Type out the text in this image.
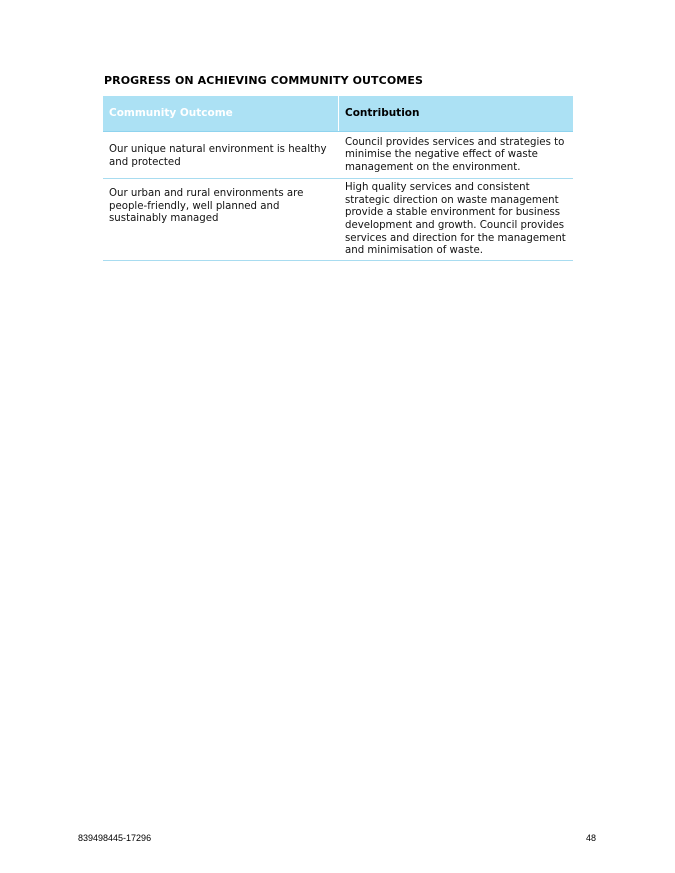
PROGRESS ON ACHIEVING COMMUNITY OUTCOMES
Community Outcome	Contribution
Our unique natural environment is healthy and protected	Council provides services and strategies to minimise the negative effect of waste management on the environment.
Our urban and rural environments are people-friendly, well planned and sustainably managed	High quality services and consistent strategic direction on waste management provide a stable environment for business development and growth. Council provides services and direction for the management and minimisation of waste.
839498445-17296	48
